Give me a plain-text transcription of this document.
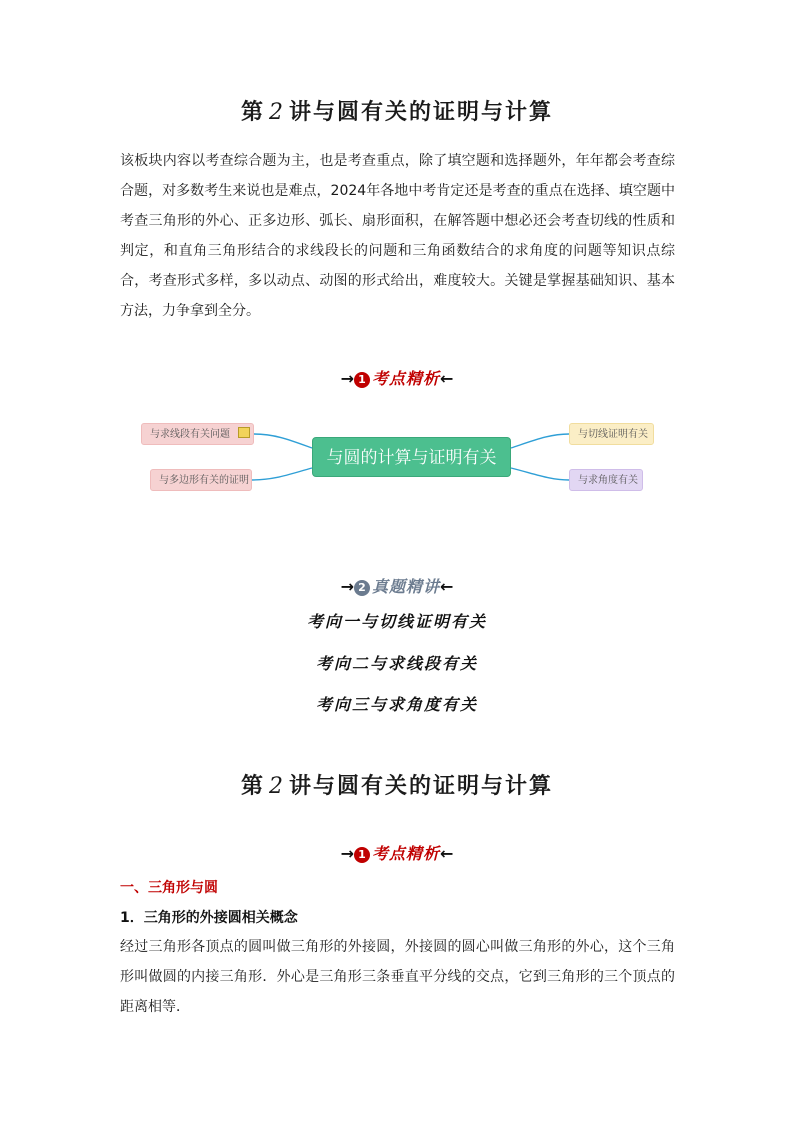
第 2 讲与圆有关的证明与计算

该板块内容以考查综合题为主，也是考查重点，除了填空题和选择题外，年年都会考查综合题，对多数考生来说也是难点，2024年各地中考肯定还是考查的重点在选择、填空题中考查三角形的外心、正多边形、弧长、扇形面积，在解答题中想必还会考查切线的性质和判定，和直角三角形结合的求线段长的问题和三角函数结合的求角度的问题等知识点综合，考查形式多样，多以动点、动图的形式给出，难度较大。关键是掌握基础知识、基本方法，力争拿到全分。

→ 1 考点精析←
与圆的计算与证明有关
与求线段有关问题
与多边形有关的证明
与切线证明有关
与求角度有关
→ 2 真题精讲←
考向一与切线证明有关
考向二与求线段有关
考向三与求角度有关
第 2 讲与圆有关的证明与计算
→ 1 考点精析←
一、三角形与圆
1．三角形的外接圆相关概念

经过三角形各顶点的圆叫做三角形的外接圆，外接圆的圆心叫做三角形的外心，这个三角形叫做圆的内接三角形．外心是三角形三条垂直平分线的交点，它到三角形的三个顶点的距离相等．
